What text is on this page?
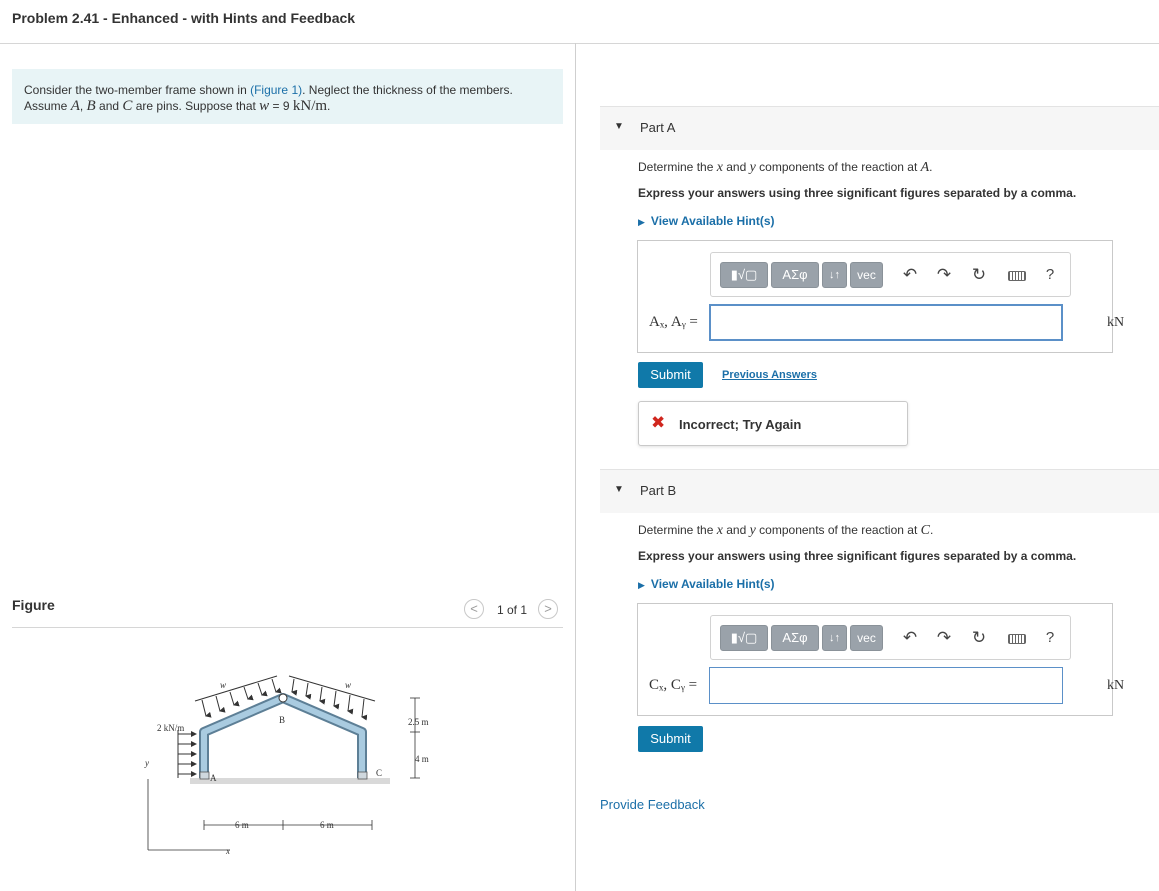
Problem 2.41 - Enhanced - with Hints and Feedback
Consider the two-member frame shown in (Figure 1). Neglect the thickness of the members.
Assume A, B and C are pins. Suppose that w = 9 kN/m.
Figure	<	1 of 1	>
w	w
2 kN/m
B
A	C
2.5 m
4 m
6 m	6 m
y
x
▼ Part A
Determine the x and y components of the reaction at A.
Express your answers using three significant figures separated by a comma.
▶ View Available Hint(s)
▮√▢	ΑΣφ	↓↑	vec	↶ ↷ ↻	?
Aₓ, Aᵧ =	kN
Submit	Previous Answers
✖ Incorrect; Try Again
▼ Part B
Determine the x and y components of the reaction at C.
Express your answers using three significant figures separated by a comma.
▶ View Available Hint(s)
▮√▢	ΑΣφ	↓↑	vec	↶ ↷ ↻	?
Cₓ, Cᵧ =	kN
Submit
Provide Feedback
